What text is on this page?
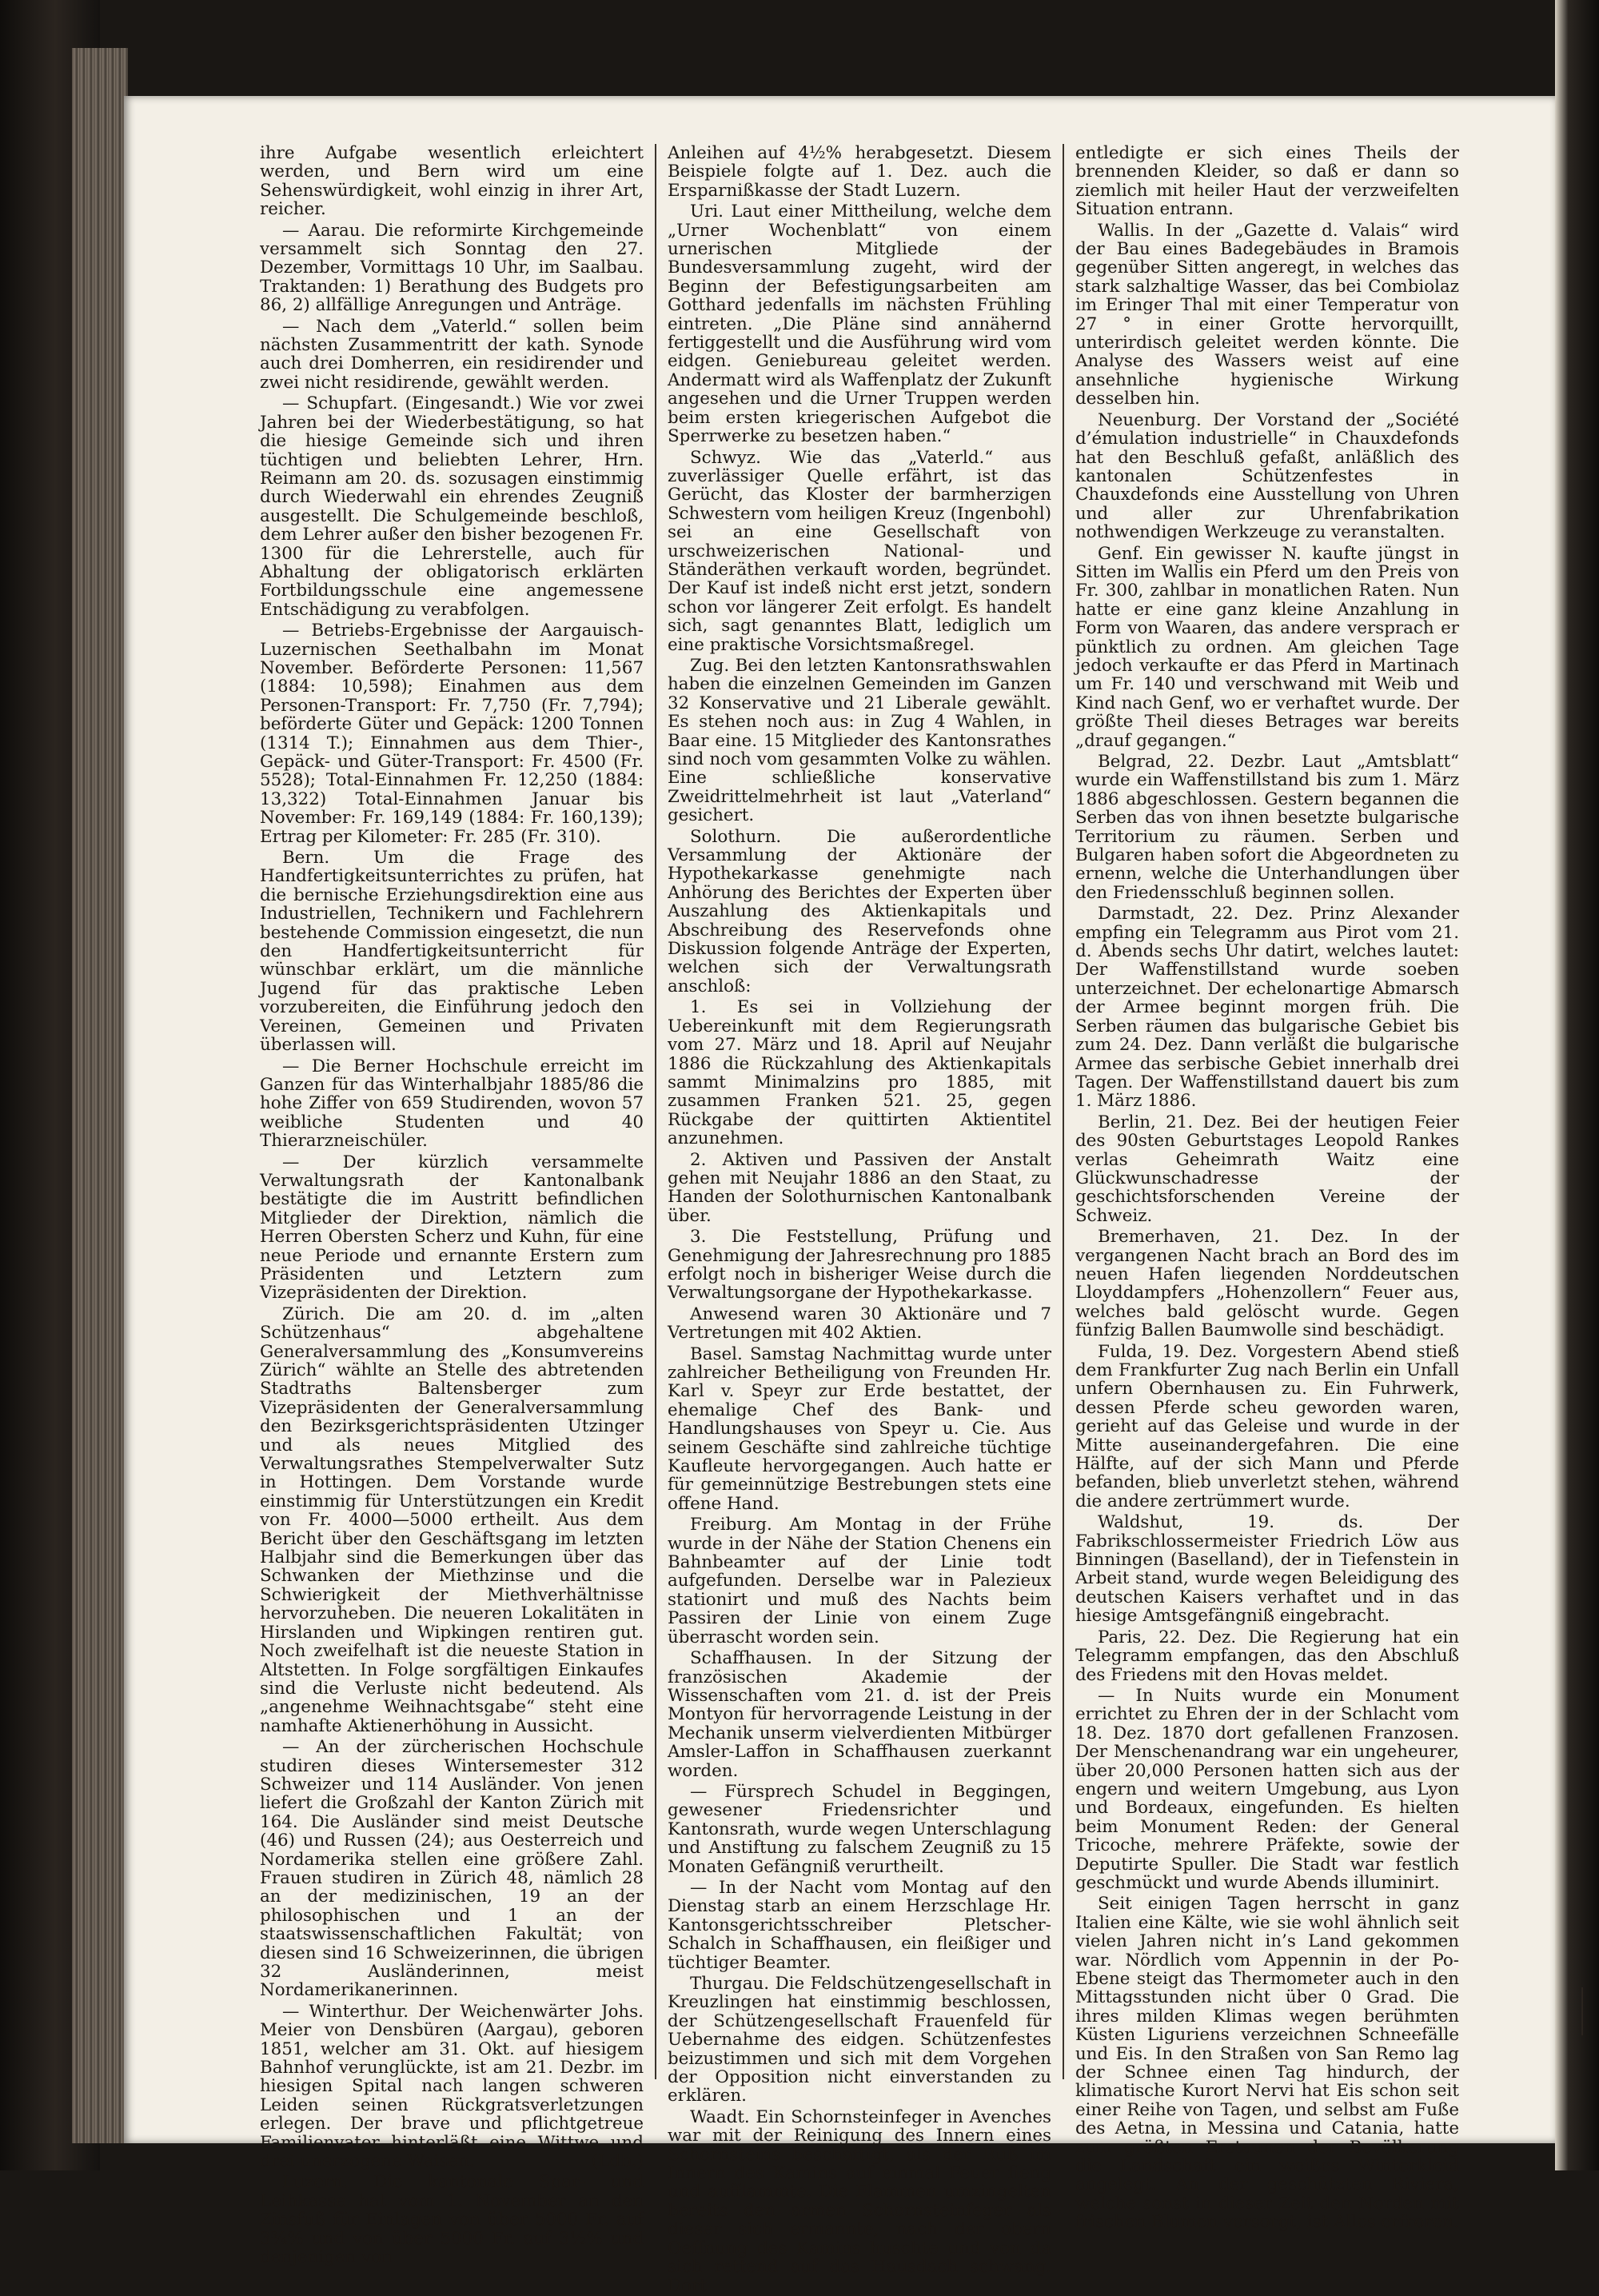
ihre Aufgabe wesentlich erleichtert werden, und Bern wird um eine Sehenswürdigkeit, wohl einzig in ihrer Art, reicher.

— Aarau. Die reformirte Kirchgemeinde versammelt sich Sonntag den 27. Dezember, Vormittags 10 Uhr, im Saalbau. Traktanden: 1) Berathung des Budgets pro 86, 2) allfällige Anregungen und Anträge.

— Nach dem „Vaterld.“ sollen beim nächsten Zusammentritt der kath. Synode auch drei Domherren, ein residirender und zwei nicht residirende, gewählt werden.

— Schupfart. (Eingesandt.) Wie vor zwei Jahren bei der Wiederbestätigung, so hat die hiesige Gemeinde sich und ihren tüchtigen und beliebten Lehrer, Hrn. Reimann am 20. ds. sozusagen einstimmig durch Wiederwahl ein ehrendes Zeugniß ausgestellt. Die Schulgemeinde beschloß, dem Lehrer außer den bisher bezogenen Fr. 1300 für die Lehrerstelle, auch für Abhaltung der obligatorisch erklärten Fortbildungsschule eine angemessene Entschädigung zu verabfolgen.

— Betriebs-Ergebnisse der Aargauisch-Luzernischen Seethalbahn im Monat November. Beförderte Personen: 11,567 (1884: 10,598); Einahmen aus dem Personen-Transport: Fr. 7,750 (Fr. 7,794); beförderte Güter und Gepäck: 1200 Tonnen (1314 T.); Einnahmen aus dem Thier-, Gepäck- und Güter-Transport: Fr. 4500 (Fr. 5528); Total-Einnahmen Fr. 12,250 (1884: 13,322) Total-Einnahmen Januar bis November: Fr. 169,149 (1884: Fr. 160,139); Ertrag per Kilometer: Fr. 285 (Fr. 310).

Bern. Um die Frage des Handfertigkeitsunterrichtes zu prüfen, hat die bernische Erziehungsdirektion eine aus Industriellen, Technikern und Fachlehrern bestehende Commission eingesetzt, die nun den Handfertigkeitsunterricht für wünschbar erklärt, um die männliche Jugend für das praktische Leben vorzubereiten, die Einführung jedoch den Vereinen, Gemeinen und Privaten überlassen will.

— Die Berner Hochschule erreicht im Ganzen für das Winterhalbjahr 1885/86 die hohe Ziffer von 659 Studirenden, wovon 57 weibliche Studenten und 40 Thierarzneischüler.

— Der kürzlich versammelte Verwaltungsrath der Kantonalbank bestätigte die im Austritt befindlichen Mitglieder der Direktion, nämlich die Herren Obersten Scherz und Kuhn, für eine neue Periode und ernannte Erstern zum Präsidenten und Letztern zum Vizepräsidenten der Direktion.

Zürich. Die am 20. d. im „alten Schützenhaus“ abgehaltene Generalversammlung des „Konsumvereins Zürich“ wählte an Stelle des abtretenden Stadtraths Baltensberger zum Vizepräsidenten der Generalversammlung den Bezirksgerichtspräsidenten Utzinger und als neues Mitglied des Verwaltungsrathes Stempelverwalter Sutz in Hottingen. Dem Vorstande wurde einstimmig für Unterstützungen ein Kredit von Fr. 4000—5000 ertheilt. Aus dem Bericht über den Geschäftsgang im letzten Halbjahr sind die Bemerkungen über das Schwanken der Miethzinse und die Schwierigkeit der Miethverhältnisse hervorzuheben. Die neueren Lokalitäten in Hirslanden und Wipkingen rentiren gut. Noch zweifelhaft ist die neueste Station in Altstetten. In Folge sorgfältigen Einkaufes sind die Verluste nicht bedeutend. Als „angenehme Weihnachtsgabe“ steht eine namhafte Aktienerhöhung in Aussicht.

— An der zürcherischen Hochschule studiren dieses Wintersemester 312 Schweizer und 114 Ausländer. Von jenen liefert die Großzahl der Kanton Zürich mit 164. Die Ausländer sind meist Deutsche (46) und Russen (24); aus Oesterreich und Nordamerika stellen eine größere Zahl. Frauen studiren in Zürich 48, nämlich 28 an der medizinischen, 19 an der philosophischen und 1 an der staatswissenschaftlichen Fakultät; von diesen sind 16 Schweizerinnen, die übrigen 32 Ausländerinnen, meist Nordamerikanerinnen.

— Winterthur. Der Weichenwärter Johs. Meier von Densbüren (Aargau), geboren 1851, welcher am 31. Okt. auf hiesigem Bahnhof verunglückte, ist am 21. Dezbr. im hiesigen Spital nach langen schweren Leiden seinen Rückgratsverletzungen erlegen. Der brave und pflichtgetreue Familienvater hinterläßt eine Wittwe und drei unerzogene Waisen.	(Ldb.)

Luzern. Die kantonale Spar- und Leihkasse hat vom 1. November an den Zinsfuß für Einlagen von über 5000 Fr. auf 3¾% und von über 5000 Fr. auf 3½% und denjenigen von

Anleihen auf 4½% herabgesetzt. Diesem Beispiele folgte auf 1. Dez. auch die Ersparnißkasse der Stadt Luzern.

Uri. Laut einer Mittheilung, welche dem „Urner Wochenblatt“ von einem urnerischen Mitgliede der Bundesversammlung zugeht, wird der Beginn der Befestigungsarbeiten am Gotthard jedenfalls im nächsten Frühling eintreten. „Die Pläne sind annähernd fertiggestellt und die Ausführung wird vom eidgen. Geniebureau geleitet werden. Andermatt wird als Waffenplatz der Zukunft angesehen und die Urner Truppen werden beim ersten kriegerischen Aufgebot die Sperrwerke zu besetzen haben.“

Schwyz. Wie das „Vaterld.“ aus zuverlässiger Quelle erfährt, ist das Gerücht, das Kloster der barmherzigen Schwestern vom heiligen Kreuz (Ingenbohl) sei an eine Gesellschaft von urschweizerischen National- und Ständeräthen verkauft worden, begründet. Der Kauf ist indeß nicht erst jetzt, sondern schon vor längerer Zeit erfolgt. Es handelt sich, sagt genanntes Blatt, lediglich um eine praktische Vorsichtsmaßregel.

Zug. Bei den letzten Kantonsrathswahlen haben die einzelnen Gemeinden im Ganzen 32 Konservative und 21 Liberale gewählt. Es stehen noch aus: in Zug 4 Wahlen, in Baar eine. 15 Mitglieder des Kantonsrathes sind noch vom gesammten Volke zu wählen. Eine schließliche konservative Zweidrittelmehrheit ist laut „Vaterland“ gesichert.

Solothurn. Die außerordentliche Versammlung der Aktionäre der Hypothekarkasse genehmigte nach Anhörung des Berichtes der Experten über Auszahlung des Aktienkapitals und Abschreibung des Reservefonds ohne Diskussion folgende Anträge der Experten, welchen sich der Verwaltungsrath anschloß:

1. Es sei in Vollziehung der Uebereinkunft mit dem Regierungsrath vom 27. März und 18. April auf Neujahr 1886 die Rückzahlung des Aktienkapitals sammt Minimalzins pro 1885, mit zusammen Franken 521. 25, gegen Rückgabe der quittirten Aktientitel anzunehmen.

2. Aktiven und Passiven der Anstalt gehen mit Neujahr 1886 an den Staat, zu Handen der Solothurnischen Kantonalbank über.

3. Die Feststellung, Prüfung und Genehmigung der Jahresrechnung pro 1885 erfolgt noch in bisheriger Weise durch die Verwaltungsorgane der Hypothekarkasse.

Anwesend waren 30 Aktionäre und 7 Vertretungen mit 402 Aktien.

Basel. Samstag Nachmittag wurde unter zahlreicher Betheiligung von Freunden Hr. Karl v. Speyr zur Erde bestattet, der ehemalige Chef des Bank- und Handlungshauses von Speyr u. Cie. Aus seinem Geschäfte sind zahlreiche tüchtige Kaufleute hervorgegangen. Auch hatte er für gemeinnützige Bestrebungen stets eine offene Hand.

Freiburg. Am Montag in der Frühe wurde in der Nähe der Station Chenens ein Bahnbeamter auf der Linie todt aufgefunden. Derselbe war in Palezieux stationirt und muß des Nachts beim Passiren der Linie von einem Zuge überrascht worden sein.

Schaffhausen. In der Sitzung der französischen Akademie der Wissenschaften vom 21. d. ist der Preis Montyon für hervorragende Leistung in der Mechanik unserm vielverdienten Mitbürger Amsler-Laffon in Schaffhausen zuerkannt worden.

— Fürsprech Schudel in Beggingen, gewesener Friedensrichter und Kantonsrath, wurde wegen Unterschlagung und Anstiftung zu falschem Zeugniß zu 15 Monaten Gefängniß verurtheilt.

— In der Nacht vom Montag auf den Dienstag starb an einem Herzschlage Hr. Kantonsgerichtsschreiber Pletscher-Schalch in Schaffhausen, ein fleißiger und tüchtiger Beamter.

Thurgau. Die Feldschützengesellschaft in Kreuzlingen hat einstimmig beschlossen, der Schützengesellschaft Frauenfeld für Uebernahme des eidgen. Schützenfestes beizustimmen und sich mit dem Vorgehen der Opposition nicht einverstanden zu erklären.

Waadt. Ein Schornsteinfeger in Avenches war mit der Reinigung des Innern eines Schornsteins beschäftigt, als der Ruß im Innern des Kamins auf einmal Feuer fieng und aufflammte. Die Flammen umzingelten bereits den armen Schornsteinfeger als dieser sich ermannte, nach der obern Oeffnung des Kamins huschte und von da sich rettend auf das Hausdach schwang. Dort

entledigte er sich eines Theils der brennenden Kleider, so daß er dann so ziemlich mit heiler Haut der verzweifelten Situation entrann.

Wallis. In der „Gazette d. Valais“ wird der Bau eines Badegebäudes in Bramois gegenüber Sitten angeregt, in welches das stark salzhaltige Wasser, das bei Combiolaz im Eringer Thal mit einer Temperatur von 27 ° in einer Grotte hervorquillt, unterirdisch geleitet werden könnte. Die Analyse des Wassers weist auf eine ansehnliche hygienische Wirkung desselben hin.

Neuenburg. Der Vorstand der „Société d’émulation industrielle“ in Chauxdefonds hat den Beschluß gefaßt, anläßlich des kantonalen Schützenfestes in Chauxdefonds eine Ausstellung von Uhren und aller zur Uhrenfabrikation nothwendigen Werkzeuge zu veranstalten.

Genf. Ein gewisser N. kaufte jüngst in Sitten im Wallis ein Pferd um den Preis von Fr. 300, zahlbar in monatlichen Raten. Nun hatte er eine ganz kleine Anzahlung in Form von Waaren, das andere versprach er pünktlich zu ordnen. Am gleichen Tage jedoch verkaufte er das Pferd in Martinach um Fr. 140 und verschwand mit Weib und Kind nach Genf, wo er verhaftet wurde. Der größte Theil dieses Betrages war bereits „drauf gegangen.“

Belgrad, 22. Dezbr. Laut „Amtsblatt“ wurde ein Waffenstillstand bis zum 1. März 1886 abgeschlossen. Gestern begannen die Serben das von ihnen besetzte bulgarische Territorium zu räumen. Serben und Bulgaren haben sofort die Abgeordneten zu ernenn, welche die Unterhandlungen über den Friedensschluß beginnen sollen.

Darmstadt, 22. Dez. Prinz Alexander empfing ein Telegramm aus Pirot vom 21. d. Abends sechs Uhr datirt, welches lautet: Der Waffenstillstand wurde soeben unterzeichnet. Der echelonartige Abmarsch der Armee beginnt morgen früh. Die Serben räumen das bulgarische Gebiet bis zum 24. Dez. Dann verläßt die bulgarische Armee das serbische Gebiet innerhalb drei Tagen. Der Waffenstillstand dauert bis zum 1. März 1886.

Berlin, 21. Dez. Bei der heutigen Feier des 90sten Geburtstages Leopold Rankes verlas Geheimrath Waitz eine Glückwunschadresse der geschichtsforschenden Vereine der Schweiz.

Bremerhaven, 21. Dez. In der vergangenen Nacht brach an Bord des im neuen Hafen liegenden Norddeutschen Lloyddampfers „Hohenzollern“ Feuer aus, welches bald gelöscht wurde. Gegen fünfzig Ballen Baumwolle sind beschädigt.

Fulda, 19. Dez. Vorgestern Abend stieß dem Frankfurter Zug nach Berlin ein Unfall unfern Obernhausen zu. Ein Fuhrwerk, dessen Pferde scheu geworden waren, gerieht auf das Geleise und wurde in der Mitte auseinandergefahren. Die eine Hälfte, auf der sich Mann und Pferde befanden, blieb unverletzt stehen, während die andere zertrümmert wurde.

Waldshut, 19. ds. Der Fabrikschlossermeister Friedrich Löw aus Binningen (Baselland), der in Tiefenstein in Arbeit stand, wurde wegen Beleidigung des deutschen Kaisers verhaftet und in das hiesige Amtsgefängniß eingebracht.

Paris, 22. Dez. Die Regierung hat ein Telegramm empfangen, das den Abschluß des Friedens mit den Hovas meldet.

— In Nuits wurde ein Monument errichtet zu Ehren der in der Schlacht vom 18. Dez. 1870 dort gefallenen Franzosen. Der Menschenandrang war ein ungeheurer, über 20,000 Personen hatten sich aus der engern und weitern Umgebung, aus Lyon und Bordeaux, eingefunden. Es hielten beim Monument Reden: der General Tricoche, mehrere Präfekte, sowie der Deputirte Spuller. Die Stadt war festlich geschmückt und wurde Abends illuminirt.

Seit einigen Tagen herrscht in ganz Italien eine Kälte, wie sie wohl ähnlich seit vielen Jahren nicht in’s Land gekommen war. Nördlich vom Appennin in der Po-Ebene steigt das Thermometer auch in den Mittagsstunden nicht über 0 Grad. Die ihres milden Klimas wegen berühmten Küsten Liguriens verzeichnen Schneefälle und Eis. In den Straßen von San Remo lag der Schnee einen Tag hindurch, der klimatische Kurort Nervi hat Eis schon seit einer Reihe von Tagen, und selbst am Fuße des Aetna, in Messina und Catania, hatte zum größten Erstaunen der Bevölkerung die Landschaft ein weißes Winterkleid angelegt. An der geschützten Riviera, welche sonst in dieser Zeit den Norden mit frischen Blumen versorgt, ist Alles erfroren.
